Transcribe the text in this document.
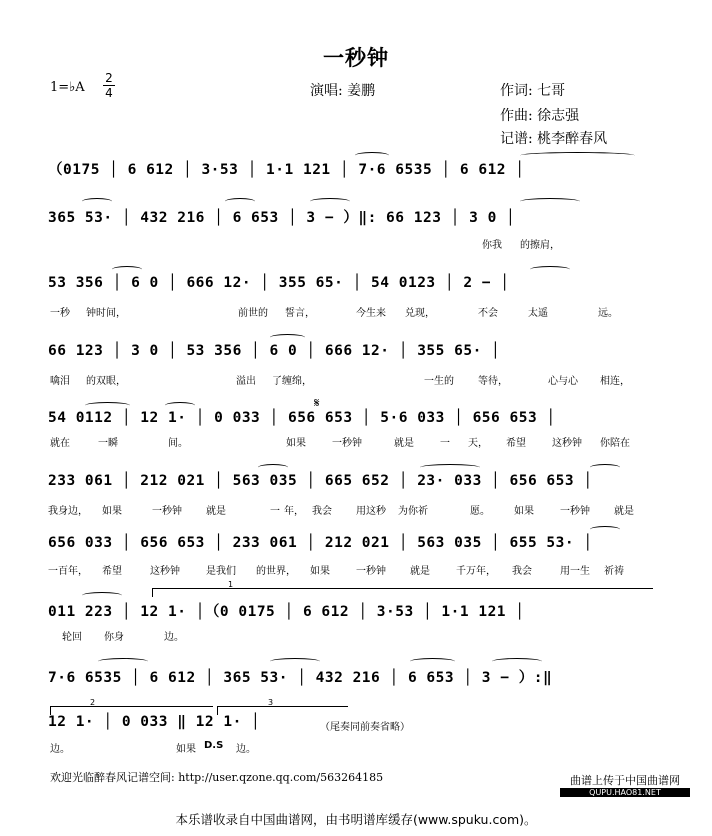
一秒钟
1=♭A
2
4	演唱: 姜鹏	作词: 七哥
作曲: 徐志强
记谱: 桃李醉春风
（0175 │ 6 612 │ 3·53 │ 1·1 121 │ 7·6 6535 │ 6 612 │
365 53· │ 432 216 │ 6 653 │ 3 − ）‖: 66 123 │ 3 0 │
你我 的擦肩，
53 356 │ 6 0 │ 666 12· │ 355 65· │ 54 0123 │ 2 − │
一秒 钟时间，	前世的 誓言，	今生来 兑现，	不会	太遥	远。
66 123 │ 3 0 │ 53 356 │ 6 0 │ 666 12· │ 355 65· │
噙泪 的双眼，	溢出 了缠绵，	一生的 等待，	心与心 相连，
𝄋
54 0112 │ 12 1· │ 0 033 │ 656 653 │ 5·6 033 │ 656 653 │
就在	一瞬	间。	如果	一秒钟	就是	一 天， 希望	这秒钟 你陪在
233 061 │ 212 021 │ 563 035 │ 665 652 │ 23· 033 │ 656 653 │
我身边， 如果	一秒钟 就是	一 年， 我会 用这秒 为你祈	愿。 如果	一秒钟 就是
656 033 │ 656 653 │ 233 061 │ 212 021 │ 563 035 │ 655 53· │
一百年， 希望	这秒钟	是我们 的世界， 如果	一秒钟 就是	千万年， 我会	用一生 祈祷
1
011 223 │ 12 1· │（0 0175 │ 6 612 │ 3·53 │ 1·1 121 │
轮回 你身	边。
7·6 6535 │ 6 612 │ 365 53· │ 432 216 │ 6 653 │ 3 − ）:‖
2	3
12 1· │ 0 033 ‖ 12 1· │	（尾奏同前奏省略）
边。	如果 D.S 边。
欢迎光临醉春风记谱空间: http://user.qzone.qq.com/563264185	曲谱上传于中国曲谱网
QUPU.HAO81.NET
本乐谱收录自中国曲谱网，由书明谱库缓存(www.spuku.com)。
